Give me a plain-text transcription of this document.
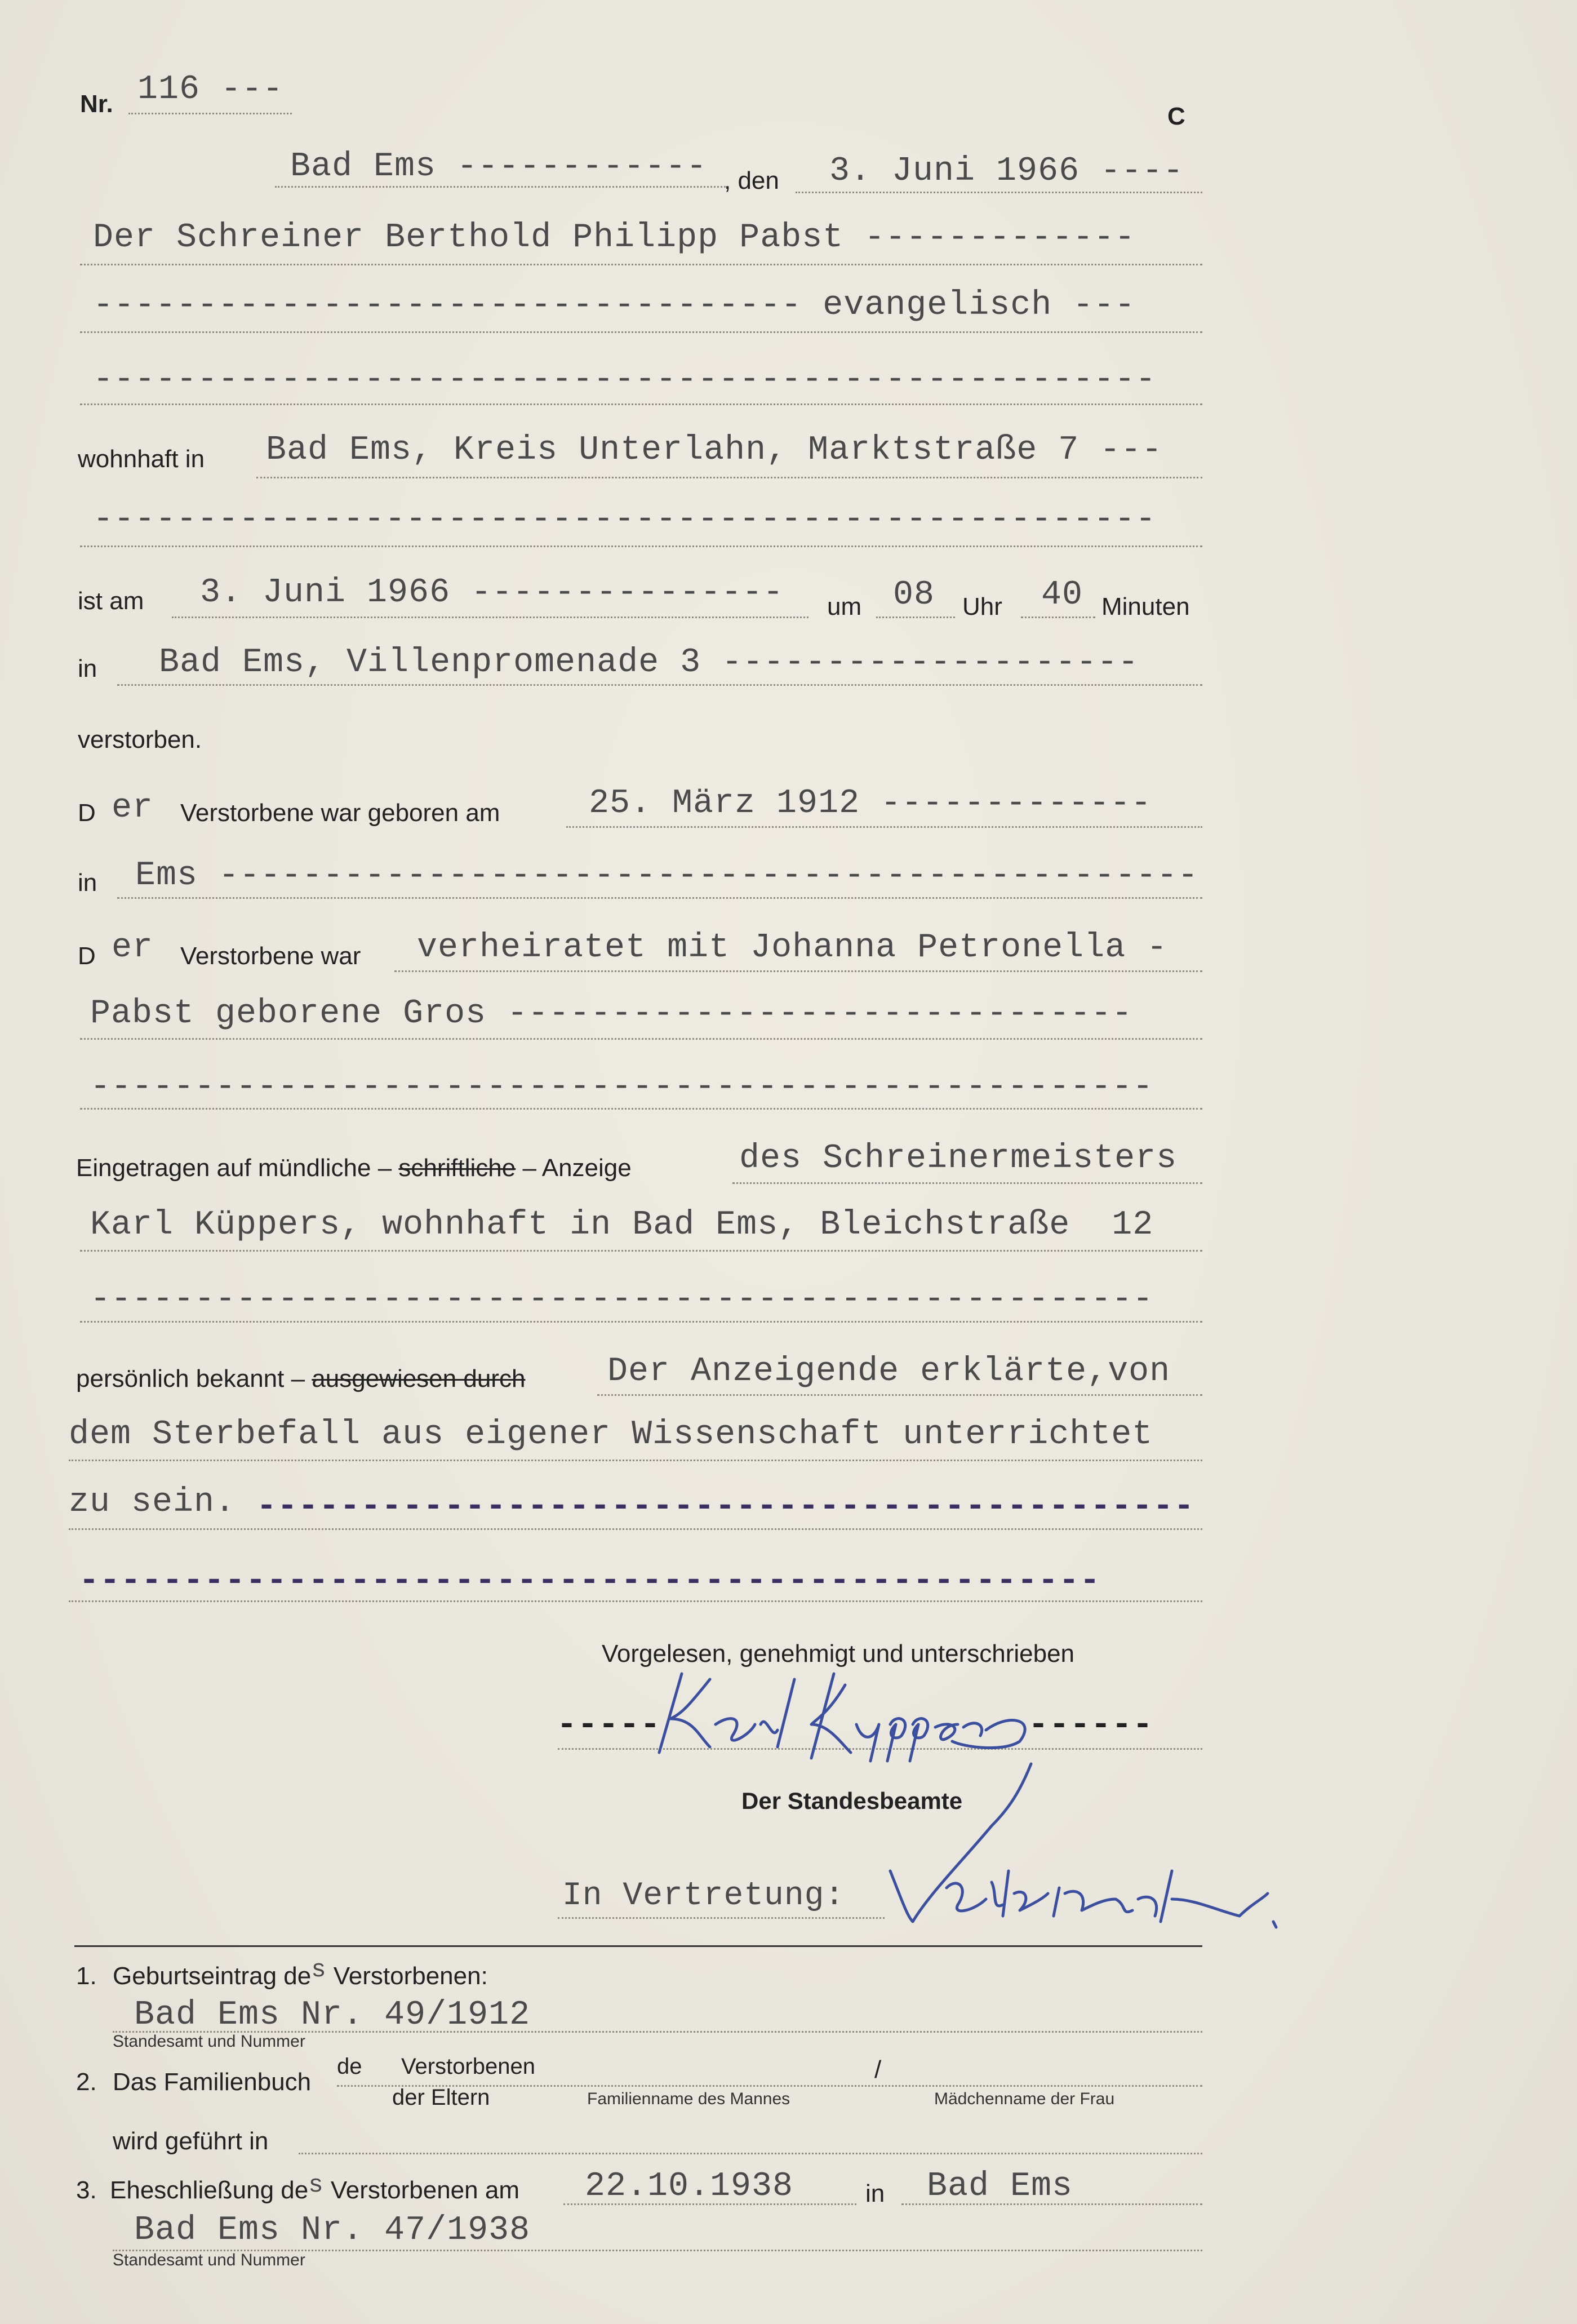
Nr. 116 ---
C
Bad Ems ------------ , den 3. Juni 1966 ----
Der Schreiner Berthold Philipp Pabst -------------
---------------------------------- evangelisch ---
---------------------------------------------------
wohnhaft in Bad Ems, Kreis Unterlahn, Marktstraße 7 ---
---------------------------------------------------
ist am 3. Juni 1966 --------------- um 08 Uhr 40 Minuten
in Bad Ems, Villenpromenade 3 --------------------
verstorben.
D er Verstorbene war geboren am	25. März 1912 -------------
in Ems -----------------------------------------------
D er Verstorbene war verheiratet mit Johanna Petronella -
Pabst geborene Gros ------------------------------
---------------------------------------------------
Eingetragen auf mündliche – schriftliche – Anzeige	des Schreinermeisters
Karl Küppers, wohnhaft in Bad Ems, Bleichstraße  12
---------------------------------------------------
persönlich bekannt – ausgewiesen durch Der Anzeigende erklärte,von
dem Sterbefall aus eigener Wissenschaft unterrichtet
zu sein. ---------------------------------------------
-------------------------------------------------
Vorgelesen, genehmigt und unterschrieben
-----	------
Der Standesbeamte
In Vertretung:
1. Geburtseintrag des Verstorbenen:
Bad Ems Nr. 49/1912
Standesamt und Nummer
2. Das Familienbuch
de Verstorbenen	/
der Eltern	Familienname des Mannes	Mädchenname der Frau
wird geführt in
3. Eheschließung des Verstorbenen am 22.10.1938	in Bad Ems
Bad Ems Nr. 47/1938
Standesamt und Nummer
